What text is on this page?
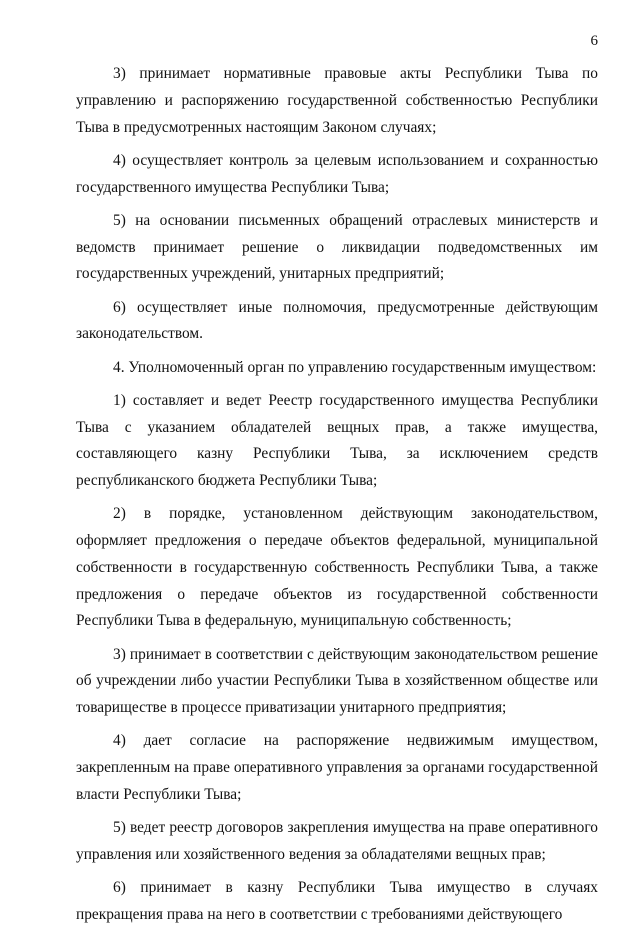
6

3) принимает нормативные правовые акты Республики Тыва по управлению и распоряжению государственной собственностью Республики Тыва в предусмотренных настоящим Законом случаях;

4) осуществляет контроль за целевым использованием и сохранностью государственного имущества Республики Тыва;

5) на основании письменных обращений отраслевых министерств и ведомств принимает решение о ликвидации подведомственных им государственных учреждений, унитарных предприятий;

6) осуществляет иные полномочия, предусмотренные действующим законодательством.

4. Уполномоченный орган по управлению государственным имуществом:

1) составляет и ведет Реестр государственного имущества Республики Тыва с указанием обладателей вещных прав, а также имущества, составляющего казну Республики Тыва, за исключением средств республиканского бюджета Республики Тыва;

2) в порядке, установленном действующим законодательством, оформляет предложения о передаче объектов федеральной, муниципальной собственности в государственную собственность Республики Тыва, а также предложения о передаче объектов из государственной собственности Республики Тыва в федеральную, муниципальную собственность;

3) принимает в соответствии с действующим законодательством решение об учреждении либо участии Республики Тыва в хозяйственном обществе или товариществе в процессе приватизации унитарного предприятия;

4) дает согласие на распоряжение недвижимым имуществом, закрепленным на праве оперативного управления за органами государственной власти Республики Тыва;

5) ведет реестр договоров закрепления имущества на праве оперативного управления или хозяйственного ведения за обладателями вещных прав;

6) принимает в казну Республики Тыва имущество в случаях прекращения права на него в соответствии с требованиями действующего
